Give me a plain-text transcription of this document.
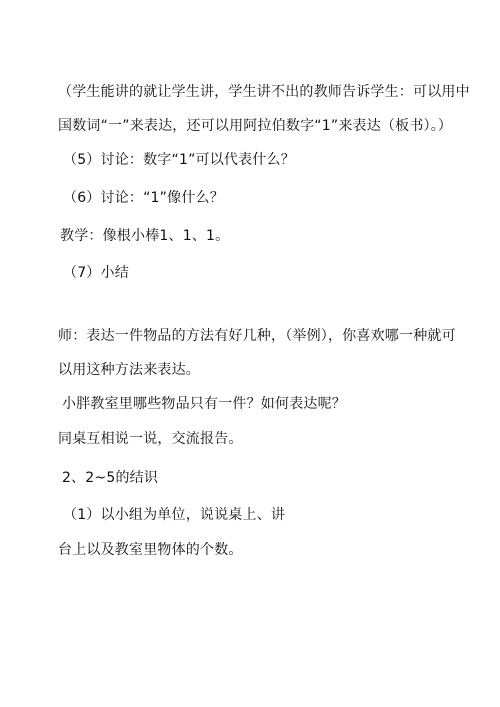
（学生能讲的就让学生讲，学生讲不出的教师告诉学生：可以用中
国数词“一”来表达，还可以用阿拉伯数字“1”来表达（板书）。）
（5）讨论：数字“1”可以代表什么？
（6）讨论：“1”像什么？
教学：像根小棒1、1、1。
（7）小结
师：表达一件物品的方法有好几种，（举例），你喜欢哪一种就可
以用这种方法来表达。
小胖教室里哪些物品只有一件？如何表达呢？
同桌互相说一说，交流报告。
2、2~5的结识
（1）以小组为单位，说说桌上、讲
台上以及教室里物体的个数。
